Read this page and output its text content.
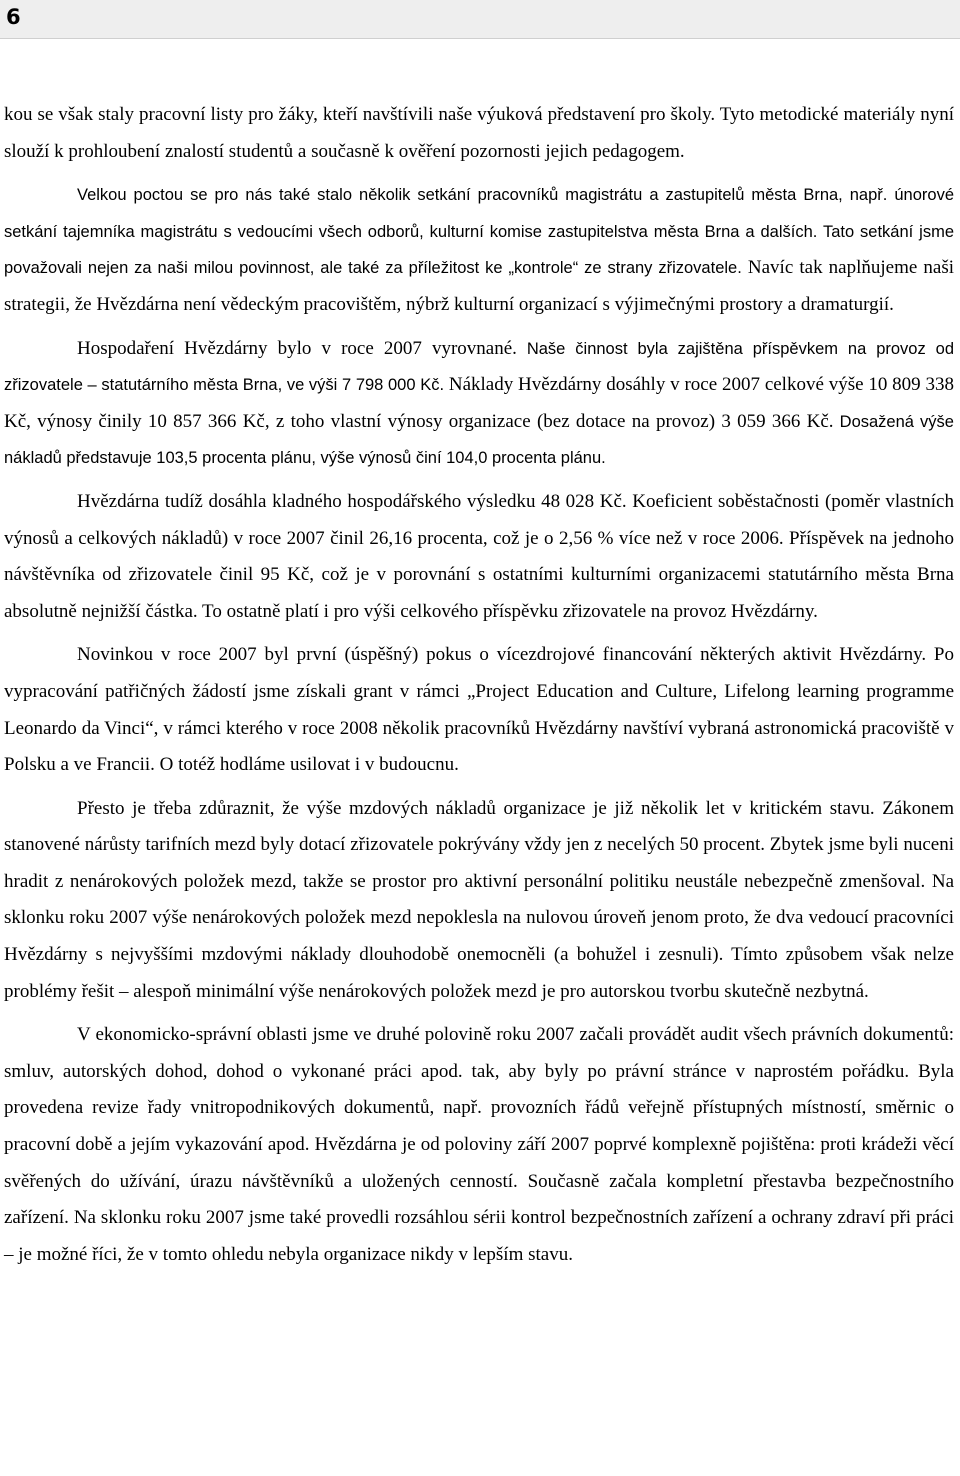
6

kou se však staly pracovní listy pro žáky, kteří navštívili naše výuková představení pro školy. Tyto metodické materiály nyní slouží k prohloubení znalostí studentů a současně k ověření pozornosti jejich pedagogem.

Velkou poctou se pro nás také stalo několik setkání pracovníků magistrátu a zastupitelů města Brna, např. únorové setkání tajemníka magistrátu s vedoucími všech odborů, kulturní komise zastupitelstva města Brna a dalších. Tato setkání jsme považovali nejen za naši milou povinnost, ale také za příležitost ke „kontrole“ ze strany zřizovatele. Navíc tak naplňujeme naši strategii, že Hvězdárna není vědeckým pracovištěm, nýbrž kulturní organizací s výjimečnými prostory a dramaturgií.

Hospodaření Hvězdárny bylo v roce 2007 vyrovnané. Naše činnost byla zajištěna příspěvkem na provoz od zřizovatele – statutárního města Brna, ve výši 7 798 000 Kč. Náklady Hvězdárny dosáhly v roce 2007 celkové výše 10 809 338 Kč, výnosy činily 10 857 366 Kč, z toho vlastní výnosy organizace (bez dotace na provoz) 3 059 366 Kč. Dosažená výše nákladů představuje 103,5 procenta plánu, výše výnosů činí 104,0 procenta plánu.

Hvězdárna tudíž dosáhla kladného hospodářského výsledku 48 028 Kč. Koeficient soběstačnosti (poměr vlastních výnosů a celkových nákladů) v roce 2007 činil 26,16 procenta, což je o 2,56 % více než v roce 2006. Příspěvek na jednoho návštěvníka od zřizovatele činil 95 Kč, což je v porovnání s ostatními kulturními organizacemi statutárního města Brna absolutně nejnižší částka. To ostatně platí i pro výši celkového příspěvku zřizovatele na provoz Hvězdárny.

Novinkou v roce 2007 byl první (úspěšný) pokus o vícezdrojové financování některých aktivit Hvězdárny. Po vypracování patřičných žádostí jsme získali grant v rámci „Project Education and Culture, Lifelong learning programme Leonardo da Vinci“, v rámci kterého v roce 2008 několik pracovníků Hvězdárny navštíví vybraná astronomická pracoviště v Polsku a ve Francii. O totéž hodláme usilovat i v budoucnu.

Přesto je třeba zdůraznit, že výše mzdových nákladů organizace je již několik let v kritickém stavu. Zákonem stanovené nárůsty tarifních mezd byly dotací zřizovatele pokrývány vždy jen z necelých 50 procent. Zbytek jsme byli nuceni hradit z nenárokových položek mezd, takže se prostor pro aktivní personální politiku neustále nebezpečně zmenšoval. Na sklonku roku 2007 výše nenárokových položek mezd nepoklesla na nulovou úroveň jenom proto, že dva vedoucí pracovníci Hvězdárny s nejvyššími mzdovými náklady dlouhodobě onemocněli (a bohužel i zesnuli). Tímto způsobem však nelze problémy řešit – alespoň minimální výše nenárokových položek mezd je pro autorskou tvorbu skutečně nezbytná.

V ekonomicko-správní oblasti jsme ve druhé polovině roku 2007 začali provádět audit všech právních dokumentů: smluv, autorských dohod, dohod o vykonané práci apod. tak, aby byly po právní stránce v naprostém pořádku. Byla provedena revize řady vnitropodnikových dokumentů, např. provozních řádů veřejně přístupných místností, směrnic o pracovní době a jejím vykazování apod. Hvězdárna je od poloviny září 2007 poprvé komplexně pojištěna: proti krádeži věcí svěřených do užívání, úrazu návštěvníků a uložených cenností. Současně začala kompletní přestavba bezpečnostního zařízení. Na sklonku roku 2007 jsme také provedli rozsáhlou sérii kontrol bezpečnostních zařízení a ochrany zdraví při práci – je možné říci, že v tomto ohledu nebyla organizace nikdy v lepším stavu.
